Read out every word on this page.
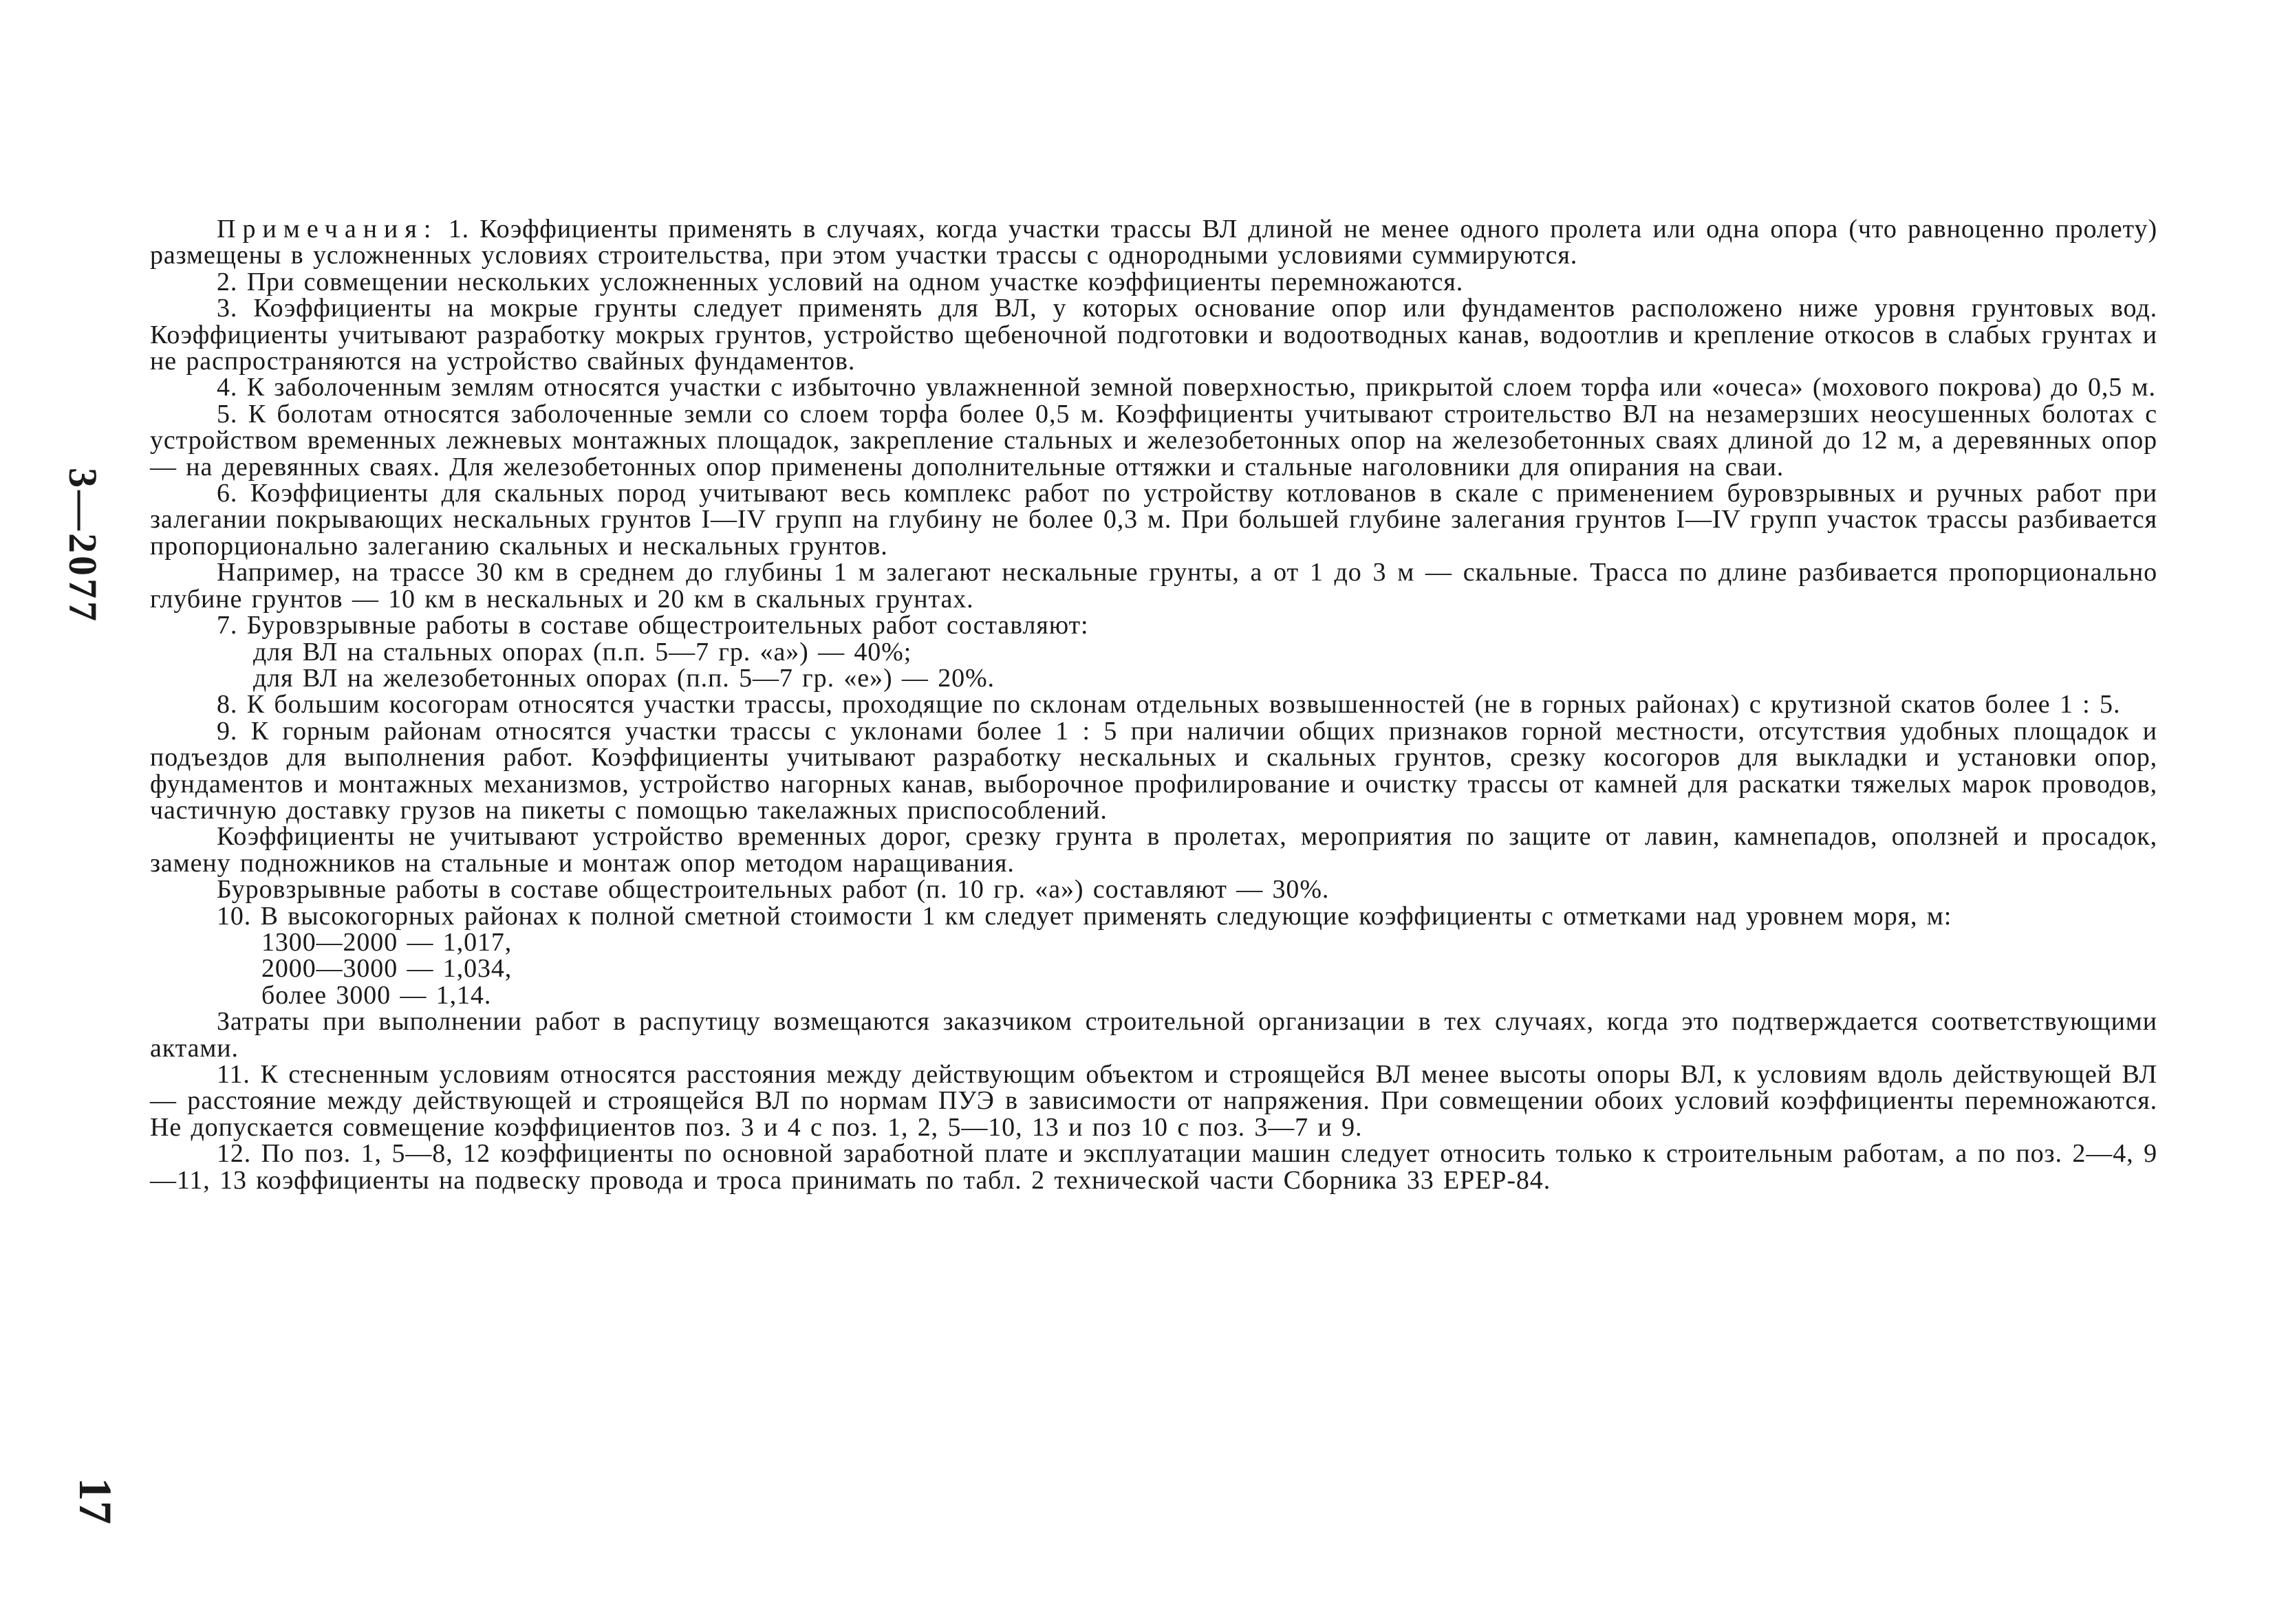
3—2077

Примечания: 1. Коэффициенты применять в случаях, когда участки трассы ВЛ длиной не менее одного пролета или одна опора (что равноценно пролету) размещены в усложненных условиях строительства, при этом участки трассы с однородными условиями суммируются.

2. При совмещении нескольких усложненных условий на одном участке коэффициенты перемножаются.

3. Коэффициенты на мокрые грунты следует применять для ВЛ, у которых основание опор или фундаментов расположено ниже уровня грунтовых вод. Коэффициенты учитывают разработку мокрых грунтов, устройство щебеночной подготовки и водоотводных канав, водоотлив и крепление откосов в слабых грунтах и не распространяются на устройство свайных фундаментов.

4. К заболоченным землям относятся участки с избыточно увлажненной земной поверхностью, прикрытой слоем торфа или «очеса» (мохового покрова) до 0,5 м.

5. К болотам относятся заболоченные земли со слоем торфа более 0,5 м. Коэффициенты учитывают строительство ВЛ на незамерзших неосушенных болотах с устройством временных лежневых монтажных площадок, закрепление стальных и железобетонных опор на железобетонных сваях длиной до 12 м, а деревянных опор — на деревянных сваях. Для железобетонных опор применены дополнительные оттяжки и стальные наголовники для опирания на сваи.

6. Коэффициенты для скальных пород учитывают весь комплекс работ по устройству котлованов в скале с применением буровзрывных и ручных работ при залегании покрывающих нескальных грунтов I—IV групп на глубину не более 0,3 м. При большей глубине залегания грунтов I—IV групп участок трассы разбивается пропорционально залеганию скальных и нескальных грунтов.

Например, на трассе 30 км в среднем до глубины 1 м залегают нескальные грунты, а от 1 до 3 м — скальные. Трасса по длине разбивается пропорционально глубине грунтов — 10 км в нескальных и 20 км в скальных грунтах.

7. Буровзрывные работы в составе общестроительных работ составляют:

для ВЛ на стальных опорах (п.п. 5—7 гр. «а») — 40%;

для ВЛ на железобетонных опорах (п.п. 5—7 гр. «е») — 20%.

8. К большим косогорам относятся участки трассы, проходящие по склонам отдельных возвышенностей (не в горных районах) с крутизной скатов более 1 : 5.

9. К горным районам относятся участки трассы с уклонами более 1 : 5 при наличии общих признаков горной местности, отсутствия удобных площадок и подъездов для выполнения работ. Коэффициенты учитывают разработку нескальных и скальных грунтов, срезку косогоров для выкладки и установки опор, фундаментов и монтажных механизмов, устройство нагорных канав, выборочное профилирование и очистку трассы от камней для раскатки тяжелых марок проводов, частичную доставку грузов на пикеты с помощью такелажных приспособлений.

Коэффициенты не учитывают устройство временных дорог, срезку грунта в пролетах, мероприятия по защите от лавин, камнепадов, оползней и просадок, замену подножников на стальные и монтаж опор методом наращивания.

Буровзрывные работы в составе общестроительных работ (п. 10 гр. «а») составляют — 30%.

10. В высокогорных районах к полной сметной стоимости 1 км следует применять следующие коэффициенты с отметками над уровнем моря, м:

1300—2000 — 1,017,

2000—3000 — 1,034,

более 3000 — 1,14.

Затраты при выполнении работ в распутицу возмещаются заказчиком строительной организации в тех случаях, когда это подтверждается соответствующими актами.

11. К стесненным условиям относятся расстояния между действующим объектом и строящейся ВЛ менее высоты опоры ВЛ, к условиям вдоль действующей ВЛ — расстояние между действующей и строящейся ВЛ по нормам ПУЭ в зависимости от напряжения. При совмещении обоих условий коэффициенты перемножаются. Не допускается совмещение коэффициентов поз. 3 и 4 с поз. 1, 2, 5—10, 13 и поз 10 с поз. 3—7 и 9.

12. По поз. 1, 5—8, 12 коэффициенты по основной заработной плате и эксплуатации машин следует относить только к строительным работам, а по поз. 2—4, 9—11, 13 коэффициенты на подвеску провода и троса принимать по табл. 2 технической части Сборника 33 ЕРЕР-84.

17
